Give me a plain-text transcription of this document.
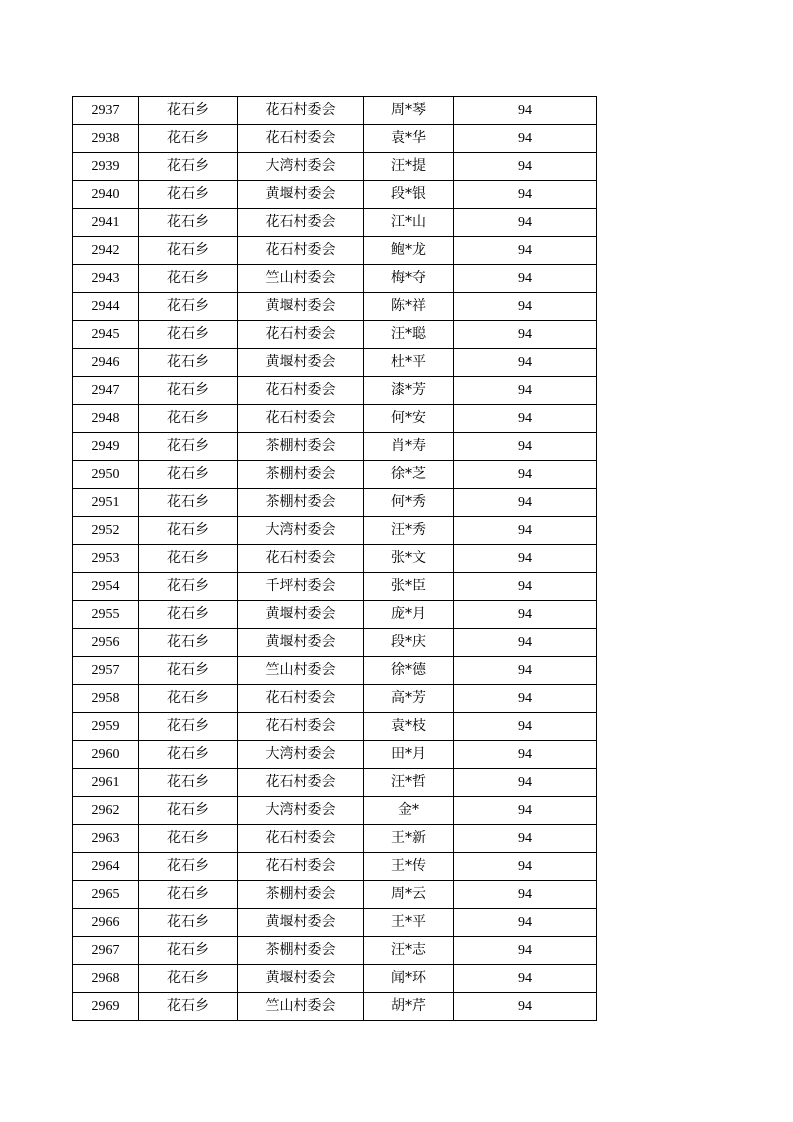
2937	花石乡	花石村委会	周*琴	94
2938	花石乡	花石村委会	袁*华	94
2939	花石乡	大湾村委会	汪*提	94
2940	花石乡	黄堰村委会	段*银	94
2941	花石乡	花石村委会	江*山	94
2942	花石乡	花石村委会	鲍*龙	94
2943	花石乡	竺山村委会	梅*夺	94
2944	花石乡	黄堰村委会	陈*祥	94
2945	花石乡	花石村委会	汪*聪	94
2946	花石乡	黄堰村委会	杜*平	94
2947	花石乡	花石村委会	漆*芳	94
2948	花石乡	花石村委会	何*安	94
2949	花石乡	茶棚村委会	肖*寿	94
2950	花石乡	茶棚村委会	徐*芝	94
2951	花石乡	茶棚村委会	何*秀	94
2952	花石乡	大湾村委会	汪*秀	94
2953	花石乡	花石村委会	张*文	94
2954	花石乡	千坪村委会	张*臣	94
2955	花石乡	黄堰村委会	庞*月	94
2956	花石乡	黄堰村委会	段*庆	94
2957	花石乡	竺山村委会	徐*德	94
2958	花石乡	花石村委会	高*芳	94
2959	花石乡	花石村委会	袁*枝	94
2960	花石乡	大湾村委会	田*月	94
2961	花石乡	花石村委会	汪*哲	94
2962	花石乡	大湾村委会	金*	94
2963	花石乡	花石村委会	王*新	94
2964	花石乡	花石村委会	王*传	94
2965	花石乡	茶棚村委会	周*云	94
2966	花石乡	黄堰村委会	王*平	94
2967	花石乡	茶棚村委会	汪*志	94
2968	花石乡	黄堰村委会	闻*环	94
2969	花石乡	竺山村委会	胡*芹	94
